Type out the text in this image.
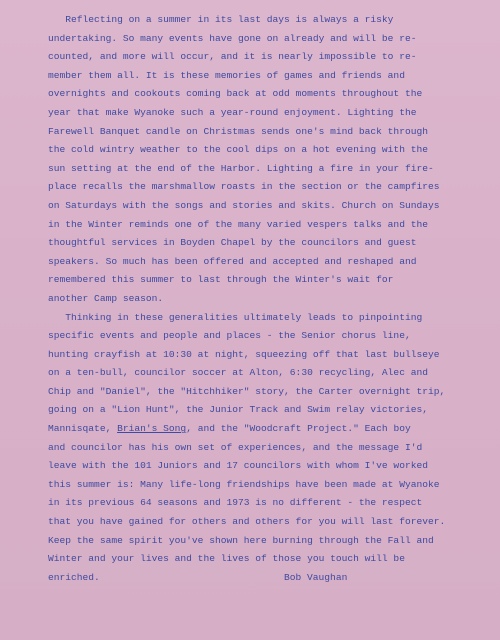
Reflecting on a summer in its last days is always a risky
undertaking. So many events have gone on already and will be re-
counted, and more will occur, and it is nearly impossible to re-
member them all. It is these memories of games and friends and
overnights and cookouts coming back at odd moments throughout the
year that make Wyanoke such a year-round enjoyment. Lighting the
Farewell Banquet candle on Christmas sends one's mind back through
the cold wintry weather to the cool dips on a hot evening with the
sun setting at the end of the Harbor. Lighting a fire in your fire-
place recalls the marshmallow roasts in the section or the campfires
on Saturdays with the songs and stories and skits. Church on Sundays
in the Winter reminds one of the many varied vespers talks and the
thoughtful services in Boyden Chapel by the councilors and guest
speakers. So much has been offered and accepted and reshaped and
remembered this summer to last through the Winter's wait for
another Camp season.
Thinking in these generalities ultimately leads to pinpointing
specific events and people and places - the Senior chorus line,
hunting crayfish at 10:30 at night, squeezing off that last bullseye
on a ten-bull, councilor soccer at Alton, 6:30 recycling, Alec and
Chip and "Daniel", the "Hitchhiker" story, the Carter overnight trip,
going on a "Lion Hunt", the Junior Track and Swim relay victories,
Mannisqate, Brian's Song, and the "Woodcraft Project." Each boy
and councilor has his own set of experiences, and the message I'd
leave with the 101 Juniors and 17 councilors with whom I've worked
this summer is: Many life-long friendships have been made at Wyanoke
in its previous 64 seasons and 1973 is no different - the respect
that you have gained for others and others for you will last forever.
Keep the same spirit you've shown here burning through the Fall and
Winter and your lives and the lives of those you touch will be
enriched.	Bob Vaughan
